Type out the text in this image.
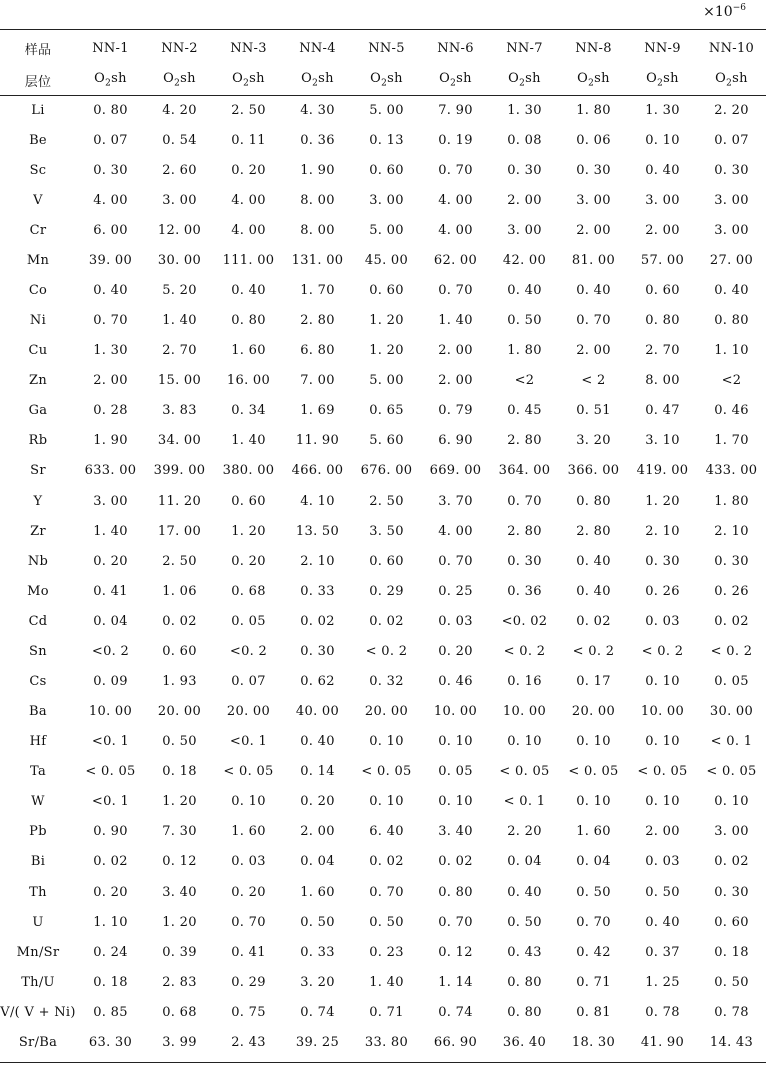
$\times 10^{-6}$
样品	NN-1	NN-2	NN-3	NN-4	NN-5	NN-6	NN-7	NN-8	NN-9	NN-10
层位	$O_2sh$	$O_2sh$	$O_2sh$	$O_2sh$	$O_2sh$	$O_2sh$	$O_2sh$	$O_2sh$	$O_2sh$	$O_2sh$
Li	0. 80	4. 20	2. 50	4. 30	5. 00	7. 90	1. 30	1. 80	1. 30	2. 20
Be	0. 07	0. 54	0. 11	0. 36	0. 13	0. 19	0. 08	0. 06	0. 10	0. 07
Sc	0. 30	2. 60	0. 20	1. 90	0. 60	0. 70	0. 30	0. 30	0. 40	0. 30
V	4. 00	3. 00	4. 00	8. 00	3. 00	4. 00	2. 00	3. 00	3. 00	3. 00
Cr	6. 00	12. 00	4. 00	8. 00	5. 00	4. 00	3. 00	2. 00	2. 00	3. 00
Mn	39. 00	30. 00	111. 00	131. 00	45. 00	62. 00	42. 00	81. 00	57. 00	27. 00
Co	0. 40	5. 20	0. 40	1. 70	0. 60	0. 70	0. 40	0. 40	0. 60	0. 40
Ni	0. 70	1. 40	0. 80	2. 80	1. 20	1. 40	0. 50	0. 70	0. 80	0. 80
Cu	1. 30	2. 70	1. 60	6. 80	1. 20	2. 00	1. 80	2. 00	2. 70	1. 10
Zn	2. 00	15. 00	16. 00	7. 00	5. 00	2. 00	<2	< 2	8. 00	<2
Ga	0. 28	3. 83	0. 34	1. 69	0. 65	0. 79	0. 45	0. 51	0. 47	0. 46
Rb	1. 90	34. 00	1. 40	11. 90	5. 60	6. 90	2. 80	3. 20	3. 10	1. 70
Sr	633. 00	399. 00	380. 00	466. 00	676. 00	669. 00	364. 00	366. 00	419. 00	433. 00
Y	3. 00	11. 20	0. 60	4. 10	2. 50	3. 70	0. 70	0. 80	1. 20	1. 80
Zr	1. 40	17. 00	1. 20	13. 50	3. 50	4. 00	2. 80	2. 80	2. 10	2. 10
Nb	0. 20	2. 50	0. 20	2. 10	0. 60	0. 70	0. 30	0. 40	0. 30	0. 30
Mo	0. 41	1. 06	0. 68	0. 33	0. 29	0. 25	0. 36	0. 40	0. 26	0. 26
Cd	0. 04	0. 02	0. 05	0. 02	0. 02	0. 03	<0. 02	0. 02	0. 03	0. 02
Sn	<0. 2	0. 60	<0. 2	0. 30	< 0. 2	0. 20	< 0. 2	< 0. 2	< 0. 2	< 0. 2
Cs	0. 09	1. 93	0. 07	0. 62	0. 32	0. 46	0. 16	0. 17	0. 10	0. 05
Ba	10. 00	20. 00	20. 00	40. 00	20. 00	10. 00	10. 00	20. 00	10. 00	30. 00
Hf	<0. 1	0. 50	<0. 1	0. 40	0. 10	0. 10	0. 10	0. 10	0. 10	< 0. 1
Ta	< 0. 05	0. 18	< 0. 05	0. 14	< 0. 05	0. 05	< 0. 05	< 0. 05	< 0. 05	< 0. 05
W	<0. 1	1. 20	0. 10	0. 20	0. 10	0. 10	< 0. 1	0. 10	0. 10	0. 10
Pb	0. 90	7. 30	1. 60	2. 00	6. 40	3. 40	2. 20	1. 60	2. 00	3. 00
Bi	0. 02	0. 12	0. 03	0. 04	0. 02	0. 02	0. 04	0. 04	0. 03	0. 02
Th	0. 20	3. 40	0. 20	1. 60	0. 70	0. 80	0. 40	0. 50	0. 50	0. 30
U	1. 10	1. 20	0. 70	0. 50	0. 50	0. 70	0. 50	0. 70	0. 40	0. 60
Mn/Sr	0. 24	0. 39	0. 41	0. 33	0. 23	0. 12	0. 43	0. 42	0. 37	0. 18
Th/U	0. 18	2. 83	0. 29	3. 20	1. 40	1. 14	0. 80	0. 71	1. 25	0. 50
V/( V + Ni)	0. 85	0. 68	0. 75	0. 74	0. 71	0. 74	0. 80	0. 81	0. 78	0. 78
Sr/Ba	63. 30	3. 99	2. 43	39. 25	33. 80	66. 90	36. 40	18. 30	41. 90	14. 43
